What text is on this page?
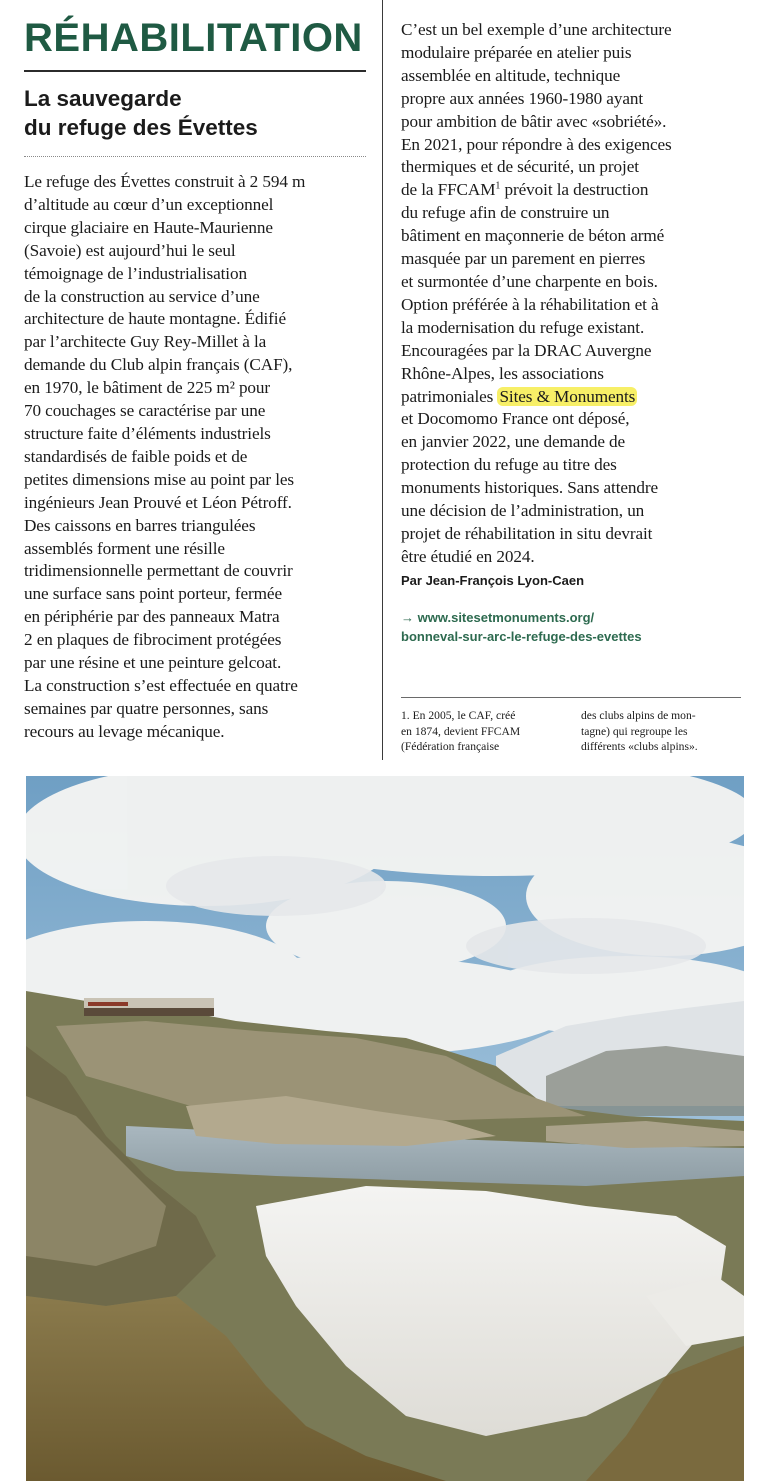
RÉHABILITATION
La sauvegarde
du refuge des Évettes
Le refuge des Évettes construit à 2 594 m
d’altitude au cœur d’un exceptionnel
cirque glaciaire en Haute-Maurienne
(Savoie) est aujourd’hui le seul
témoignage de l’industrialisation
de la construction au service d’une
architecture de haute montagne. Édifié
par l’architecte Guy Rey-Millet à la
demande du Club alpin français (CAF),
en 1970, le bâtiment de 225 m² pour
70 couchages se caractérise par une
structure faite d’éléments industriels
standardisés de faible poids et de
petites dimensions mise au point par les
ingénieurs Jean Prouvé et Léon Pétroff.
Des caissons en barres triangulées
assemblés forment une résille
tridimensionnelle permettant de couvrir
une surface sans point porteur, fermée
en périphérie par des panneaux Matra
2 en plaques de fibrociment protégées
par une résine et une peinture gelcoat.
La construction s’est effectuée en quatre
semaines par quatre personnes, sans
recours au levage mécanique.
C’est un bel exemple d’une architecture
modulaire préparée en atelier puis
assemblée en altitude, technique
propre aux années 1960-1980 ayant
pour ambition de bâtir avec «sobriété».
En 2021, pour répondre à des exigences
thermiques et de sécurité, un projet
de la FFCAM$^1$ prévoit la destruction
du refuge afin de construire un
bâtiment en maçonnerie de béton armé
masquée par un parement en pierres
et surmontée d’une charpente en bois.
Option préférée à la réhabilitation et à
la modernisation du refuge existant.
Encouragées par la DRAC Auvergne
Rhône-Alpes, les associations
patrimoniales Sites & Monuments
et Docomomo France ont déposé,
en janvier 2022, une demande de
protection du refuge au titre des
monuments historiques. Sans attendre
une décision de l’administration, un
projet de réhabilitation in situ devrait
être étudié en 2024.

Par Jean-François Lyon-Caen

→ www.sitesetmonuments.org/
bonneval-sur-arc-le-refuge-des-evettes
1. En 2005, le CAF, créé
en 1874, devient FFCAM
(Fédération française
des clubs alpins de mon-
tagne) qui regroupe les
différents «clubs alpins».
